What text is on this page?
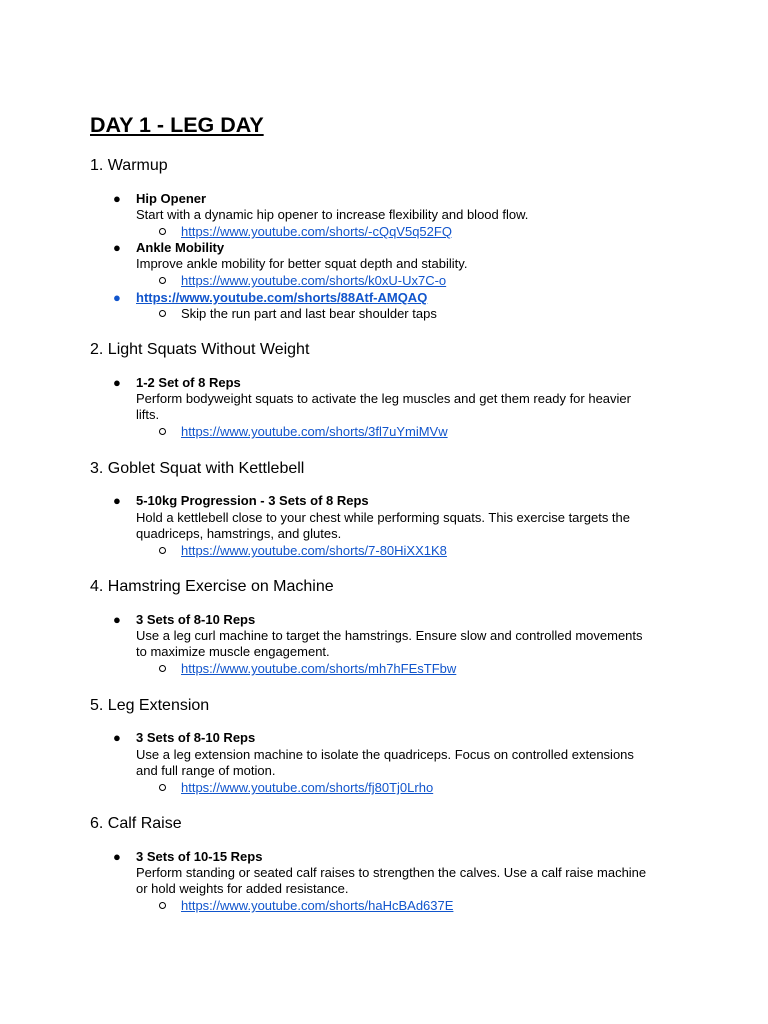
DAY 1 - LEG DAY
1. Warmup
● Hip Opener

Start with a dynamic hip opener to increase flexibility and blood flow.

https://www.youtube.com/shorts/-cQqV5q52FQ
● Ankle Mobility

Improve ankle mobility for better squat depth and stability.

https://www.youtube.com/shorts/k0xU-Ux7C-o
● https://www.youtube.com/shorts/88Atf-AMQAQ

Skip the run part and last bear shoulder taps

2. Light Squats Without Weight
● 1-2 Set of 8 Reps

Perform bodyweight squats to activate the leg muscles and get them ready for heavier

lifts.

https://www.youtube.com/shorts/3fl7uYmiMVw
3. Goblet Squat with Kettlebell
● 5-10kg Progression - 3 Sets of 8 Reps

Hold a kettlebell close to your chest while performing squats. This exercise targets the

quadriceps, hamstrings, and glutes.

https://www.youtube.com/shorts/7-80HiXX1K8
4. Hamstring Exercise on Machine
● 3 Sets of 8-10 Reps

Use a leg curl machine to target the hamstrings. Ensure slow and controlled movements

to maximize muscle engagement.

https://www.youtube.com/shorts/mh7hFEsTFbw
5. Leg Extension
● 3 Sets of 8-10 Reps

Use a leg extension machine to isolate the quadriceps. Focus on controlled extensions

and full range of motion.

https://www.youtube.com/shorts/fj80Tj0Lrho
6. Calf Raise
● 3 Sets of 10-15 Reps

Perform standing or seated calf raises to strengthen the calves. Use a calf raise machine

or hold weights for added resistance.

https://www.youtube.com/shorts/haHcBAd637E
